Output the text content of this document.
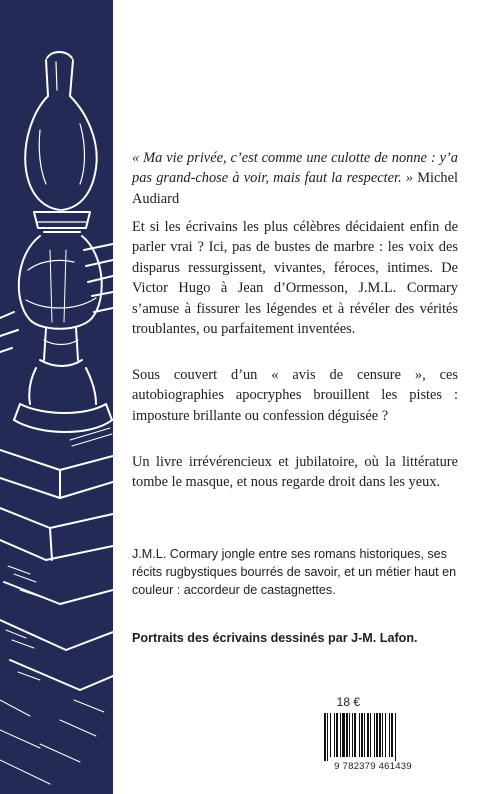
« Ma vie privée, c’est comme une culotte de nonne : y’a pas grand-chose à voir, mais faut la respecter. » Michel Audiard

Et si les écrivains les plus célèbres décidaient enfin de parler vrai ? Ici, pas de bustes de marbre : les voix des disparus ressurgissent, vivantes, féroces, intimes. De Victor Hugo à Jean d’Ormesson, J.M.L. Cormary s’amuse à fissurer les légendes et à révéler des vérités troublantes, ou parfaitement inventées.

Sous couvert d’un « avis de censure », ces autobiographies apocryphes brouillent les pistes : imposture brillante ou confession déguisée ?

Un livre irrévérencieux et jubilatoire, où la littérature tombe le masque, et nous regarde droit dans les yeux.

J.M.L. Cormary jongle entre ses romans historiques, ses récits rugbystiques bourrés de savoir, et un métier haut en couleur : accordeur de castagnettes.

Portraits des écrivains dessinés par J-M. Lafon.

18 €
9 782379 461439
